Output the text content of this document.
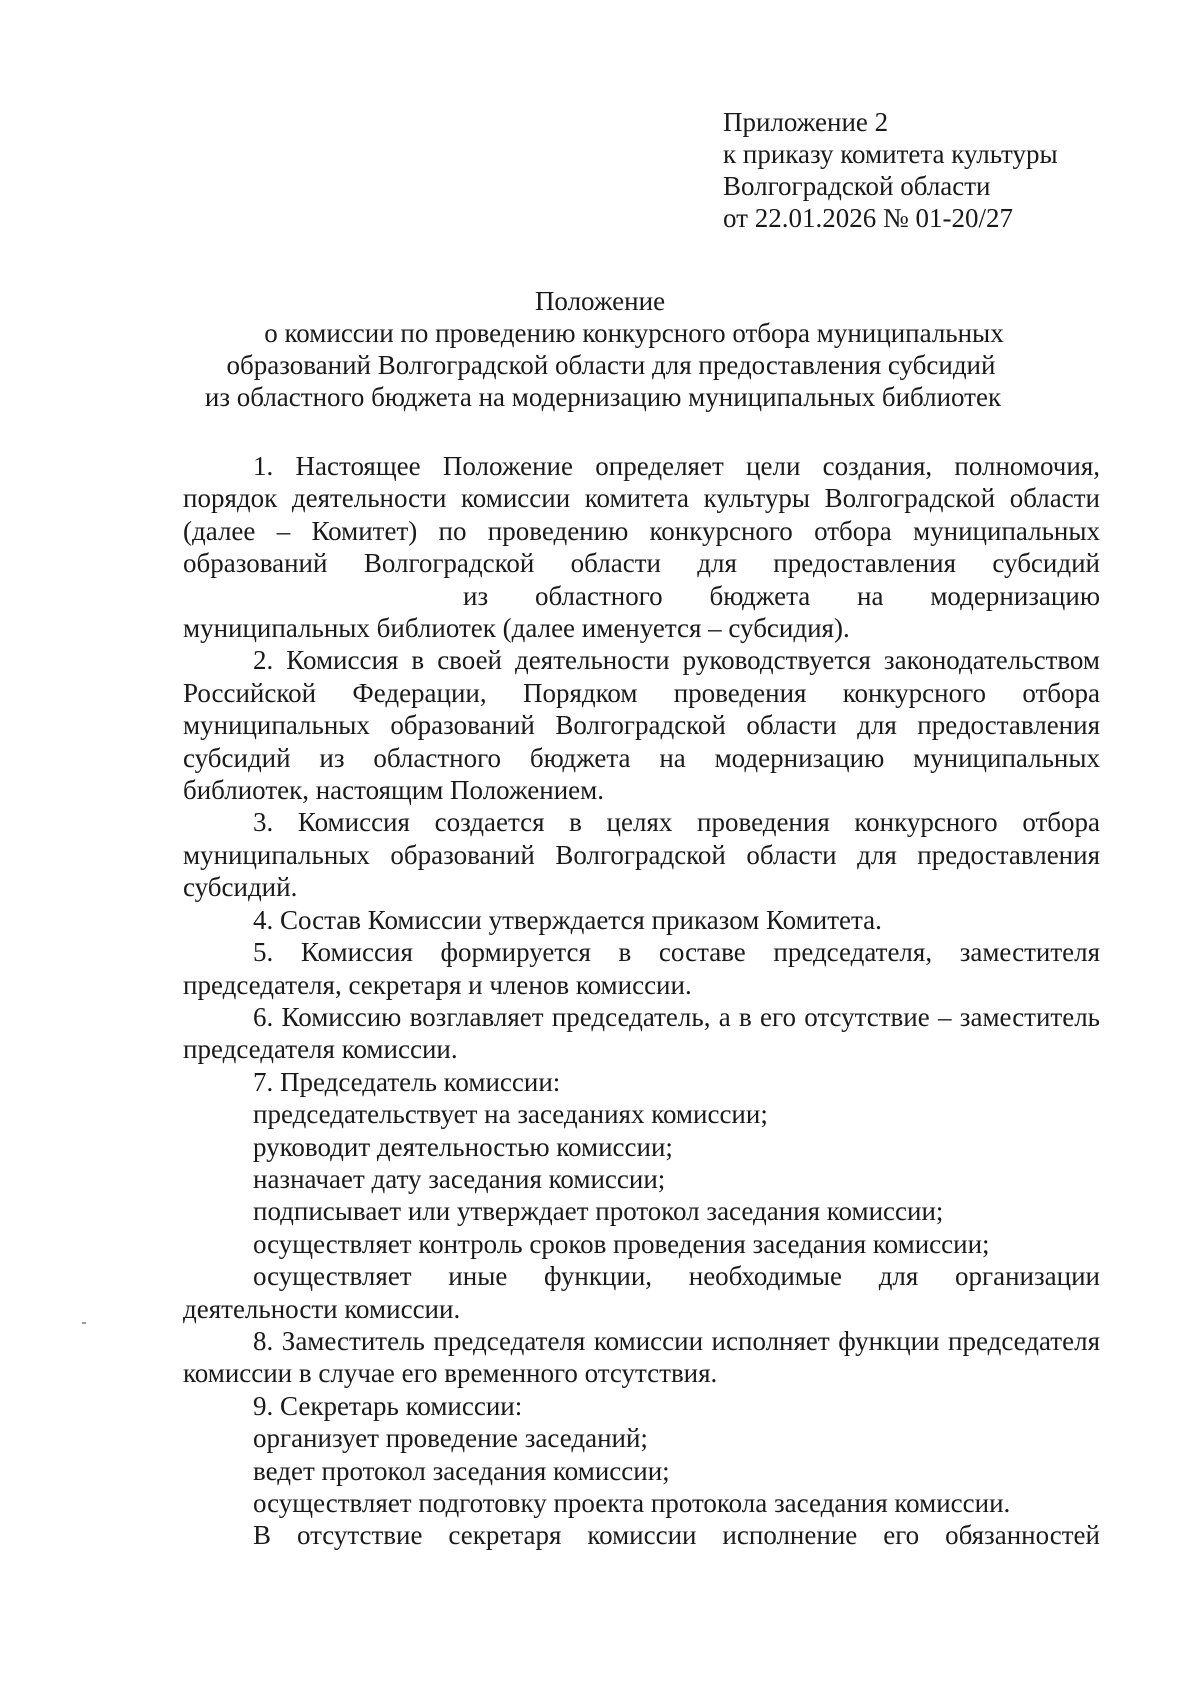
Приложение 2
к приказу комитета культуры
Волгоградской области
от 22.01.2026 № 01-20/27
Положение
о комиссии по проведению конкурсного отбора муниципальных
образований Волгоградской области для предоставления субсидий
из областного бюджета на модернизацию муниципальных библиотек

1. Настоящее Положение определяет цели создания, полномочия, порядок деятельности комиссии комитета культуры Волгоградской области (далее – Комитет) по проведению конкурсного отбора муниципальных образований Волгоградской области для предоставления субсидийиз областного бюджета на модернизацию муниципальных библиотек (далее именуется – субсидия).

2. Комиссия в своей деятельности руководствуется законодательством Российской Федерации, Порядком проведения конкурсного отбора муниципальных образований Волгоградской области для предоставления субсидий из областного бюджета на модернизацию муниципальных библиотек, настоящим Положением.

3. Комиссия создается в целях проведения конкурсного отбора муниципальных образований Волгоградской области для предоставления субсидий.

4. Состав Комиссии утверждается приказом Комитета.

5. Комиссия формируется в составе председателя, заместителя председателя, секретаря и членов комиссии.

6. Комиссию возглавляет председатель, а в его отсутствие – заместитель председателя комиссии.

7. Председатель комиссии:

председательствует на заседаниях комиссии;

руководит деятельностью комиссии;

назначает дату заседания комиссии;

подписывает или утверждает протокол заседания комиссии;

осуществляет контроль сроков проведения заседания комиссии;

осуществляет иные функции, необходимые для организации деятельности комиссии.

8. Заместитель председателя комиссии исполняет функции председателя комиссии в случае его временного отсутствия.

9. Секретарь комиссии:

организует проведение заседаний;

ведет протокол заседания комиссии;

осуществляет подготовку проекта протокола заседания комиссии.

В отсутствие секретаря комиссии исполнение его обязанностей
